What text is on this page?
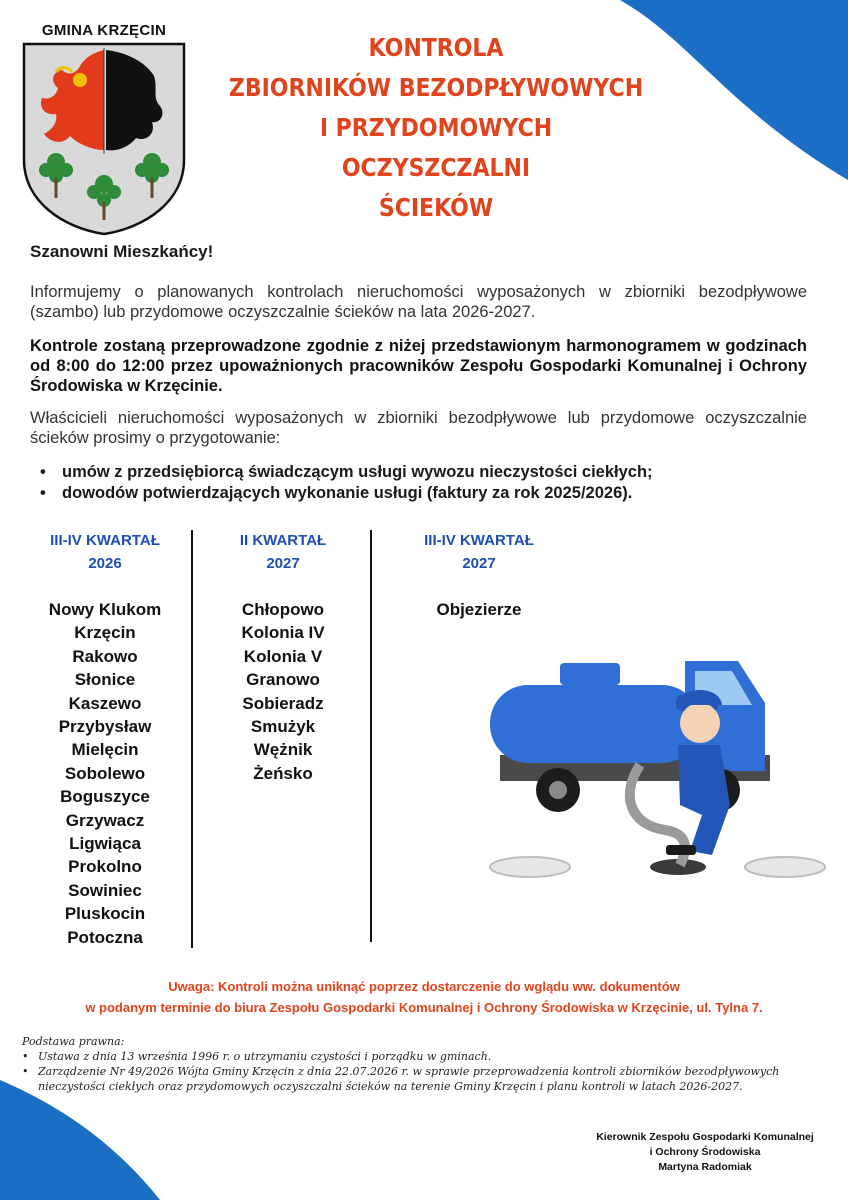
GMINA KRZĘCIN
KONTROLA
ZBIORNIKÓW BEZODPŁYWOWYCH
I PRZYDOMOWYCH OCZYSZCZALNI
ŚCIEKÓW
Szanowni Mieszkańcy!
Informujemy o planowanych kontrolach nieruchomości wyposażonych w zbiorniki bezodpływowe (szambo) lub przydomowe oczyszczalnie ścieków na lata 2026-2027.
Kontrole zostaną przeprowadzone zgodnie z niżej przedstawionym harmonogramem w godzinach od 8:00 do 12:00 przez upoważnionych pracowników Zespołu Gospodarki Komunalnej i Ochrony Środowiska w Krzęcinie.
Właścicieli nieruchomości wyposażonych w zbiorniki bezodpływowe lub przydomowe oczyszczalnie ścieków prosimy o przygotowanie:
• umów z przedsiębiorcą świadczącym usługi wywozu nieczystości ciekłych;
• dowodów potwierdzających wykonanie usługi (faktury za rok 2025/2026).
III-IV KWARTAŁ
2026
II KWARTAŁ
2027
III-IV KWARTAŁ
2027
Nowy Klukom
Krzęcin
Rakowo
Słonice
Kaszewo
Przybysław
Mielęcin
Sobolewo
Boguszyce
Grzywacz
Ligwiąca
Prokolno
Sowiniec
Pluskocin
Potoczna
Chłopowo
Kolonia IV
Kolonia V
Granowo
Sobieradz
Smużyk
Wężnik
Żeńsko
Objezierze
Uwaga: Kontroli można uniknąć poprzez dostarczenie do wglądu ww. dokumentów
w podanym terminie do biura Zespołu Gospodarki Komunalnej i Ochrony Środowiska w Krzęcinie, ul. Tylna 7.
Podstawa prawna:
• Ustawa z dnia 13 września 1996 r. o utrzymaniu czystości i porządku w gminach.
• Zarządzenie Nr 49/2026 Wójta Gminy Krzęcin z dnia 22.07.2026 r. w sprawie przeprowadzenia kontroli zbiorników bezodpływowych nieczystości ciekłych oraz przydomowych oczyszczalni ścieków na terenie Gminy Krzęcin i planu kontroli w latach 2026-2027.
Kierownik Zespołu Gospodarki Komunalnej
i Ochrony Środowiska
Martyna Radomiak
